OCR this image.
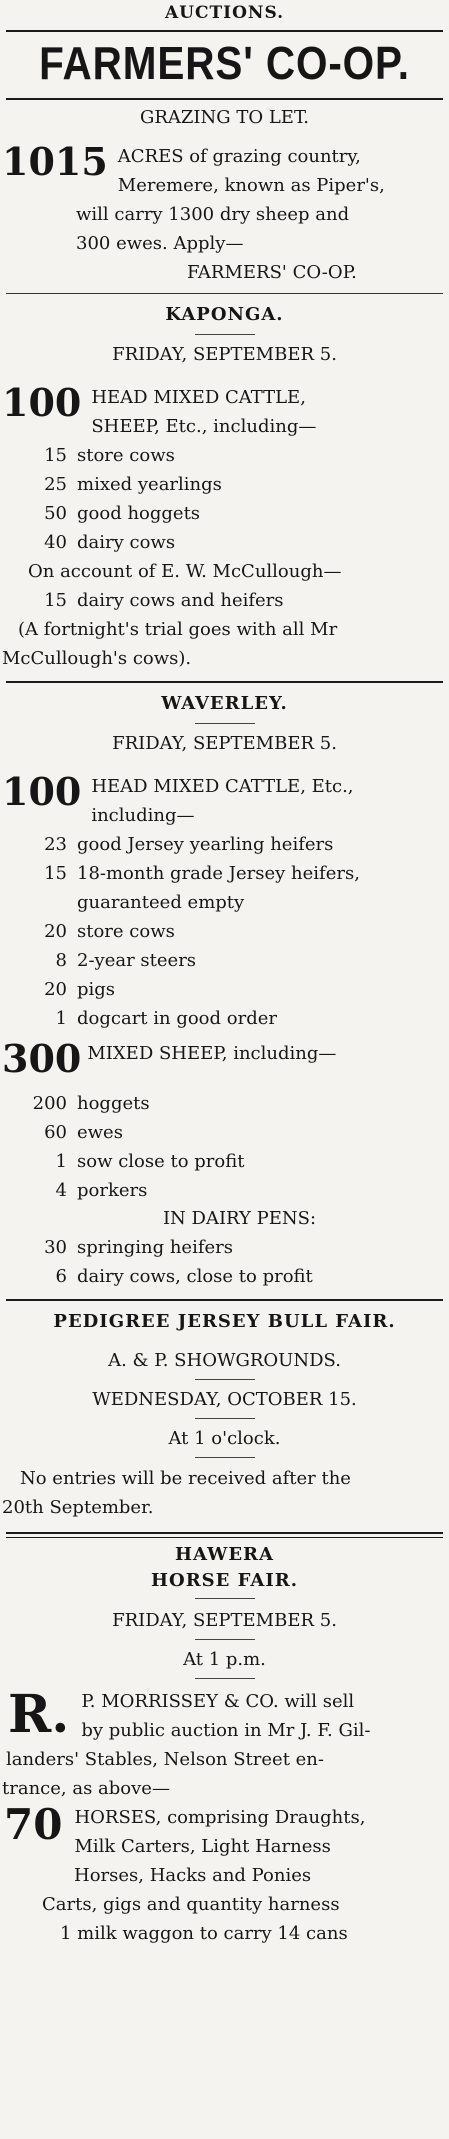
AUCTIONS.
FARMERS' CO-OP.
GRAZING TO LET.
1015 ACRES of grazing country,
Meremere, known as Piper's,
will carry 1300 dry sheep and
300 ewes. Apply—
FARMERS' CO-OP.
KAPONGA.
FRIDAY, SEPTEMBER 5.
100 HEAD MIXED CATTLE,
SHEEP, Etc., including—
15 store cows
25 mixed yearlings
50 good hoggets
40 dairy cows
On account of E. W. McCullough—
15 dairy cows and heifers
(A fortnight's trial goes with all Mr
McCullough's cows).
WAVERLEY.
FRIDAY, SEPTEMBER 5.
100 HEAD MIXED CATTLE, Etc.,
including—
23 good Jersey yearling heifers
15 18-month grade Jersey heifers,
guaranteed empty
20 store cows
8 2-year steers
20 pigs
1 dogcart in good order
300 MIXED SHEEP, including—
200 hoggets
60 ewes
1 sow close to profit
4 porkers
IN DAIRY PENS:
30 springing heifers
6 dairy cows, close to profit
PEDIGREE JERSEY BULL FAIR.
A. & P. SHOWGROUNDS.
WEDNESDAY, OCTOBER 15.
At 1 o'clock.
No entries will be received after the
20th September.
HAWERA
HORSE FAIR.
FRIDAY, SEPTEMBER 5.
At 1 p.m.
R. P. MORRISSEY & CO. will sell
by public auction in Mr J. F. Gil-
landers' Stables, Nelson Street en-
trance, as above—
70 HORSES, comprising Draughts,
Milk Carters, Light Harness
Horses, Hacks and Ponies
Carts, gigs and quantity harness
1 milk waggon to carry 14 cans
